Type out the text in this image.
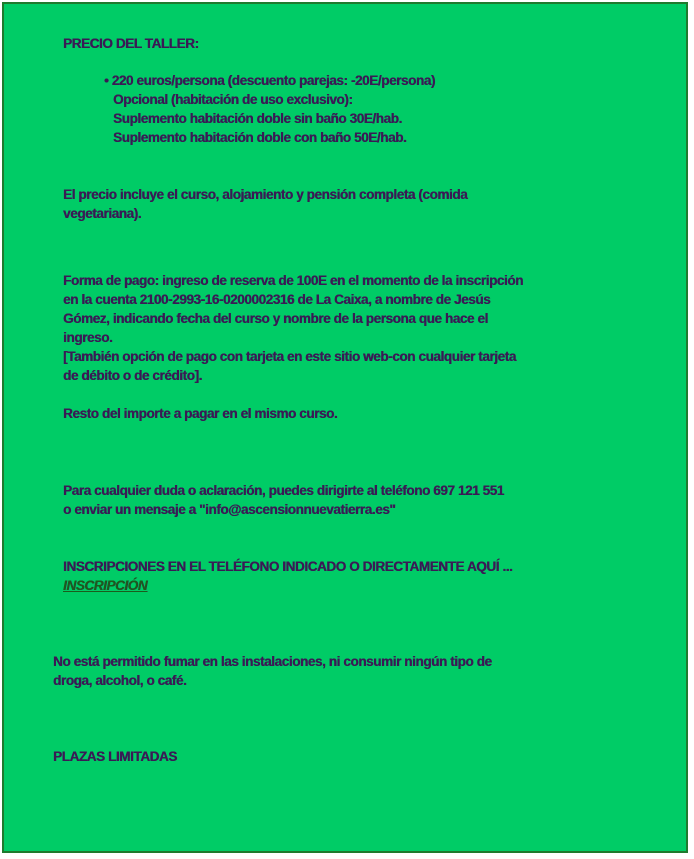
PRECIO DEL TALLER:
• 220 euros/persona (descuento parejas: -20E/persona)
Opcional (habitación de uso exclusivo):
Suplemento habitación doble sin baño 30E/hab.
Suplemento habitación doble con baño 50E/hab.
El precio incluye el curso, alojamiento y pensión completa (comida
vegetariana).
Forma de pago: ingreso de reserva de 100E en el momento de la inscripción
en la cuenta 2100-2993-16-0200002316 de La Caixa, a nombre de Jesús
Gómez, indicando fecha del curso y nombre de la persona que hace el
ingreso.
[También opción de pago con tarjeta en este sitio web-con cualquier tarjeta
de débito o de crédito].
Resto del importe a pagar en el mismo curso.
Para cualquier duda o aclaración, puedes dirigirte al teléfono 697 121 551
o enviar un mensaje a "info@ascensionnuevatierra.es"
INSCRIPCIONES EN EL TELÉFONO INDICADO O DIRECTAMENTE AQUÍ ...
INSCRIPCIÓN
No está permitido fumar en las instalaciones, ni consumir ningún tipo de
droga, alcohol, o café.
PLAZAS LIMITADAS
